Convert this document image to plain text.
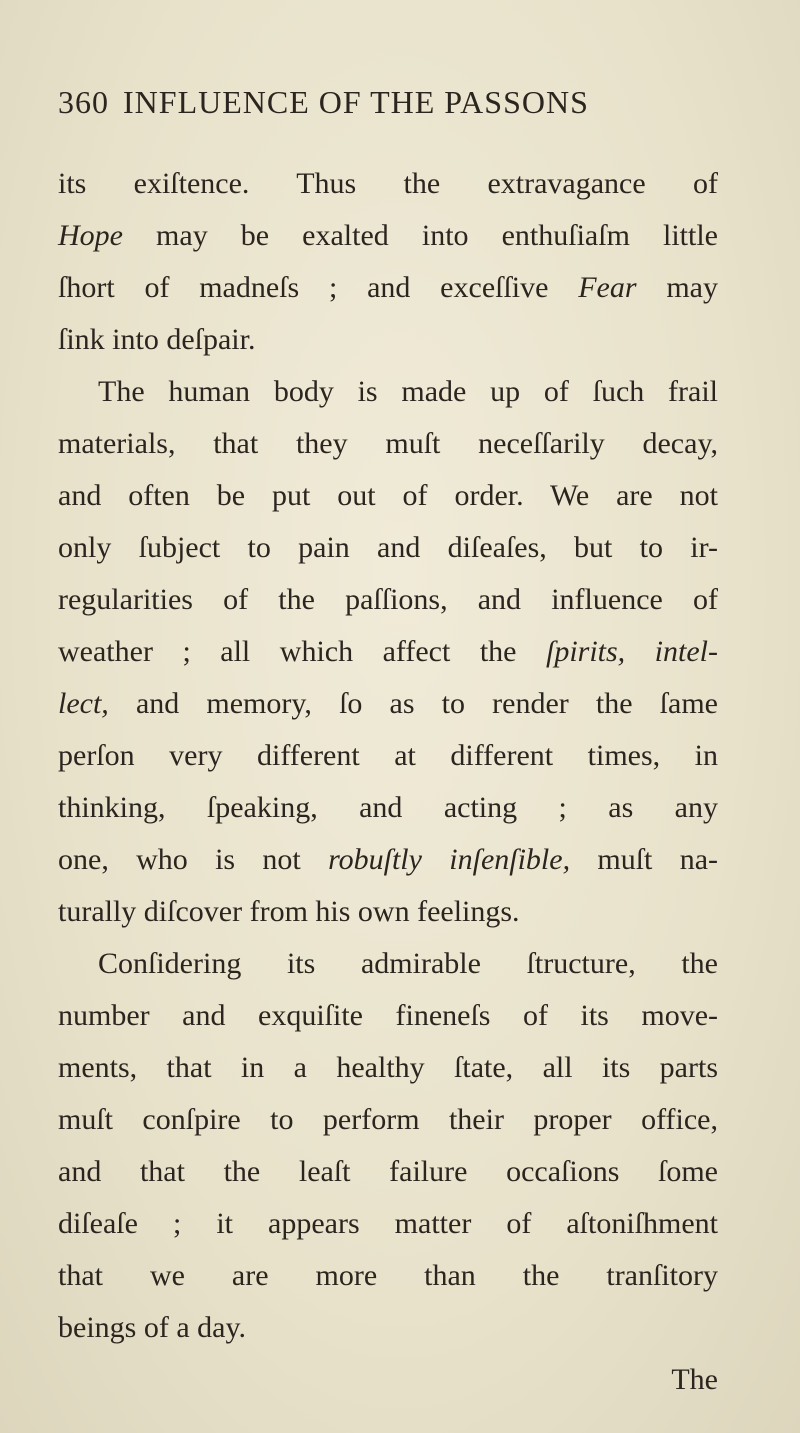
360 INFLUENCE OF THE PASSONS
its exiſtence. Thus the extravagance of
Hope may be exalted into enthuſiaſm little
ſhort of madneſs ; and exceſſive Fear may
ſink into deſpair.
The human body is made up of ſuch frail
materials, that they muſt neceſſarily decay,
and often be put out of order. We are not
only ſubject to pain and diſeaſes, but to ir-
regularities of the paſſions, and influence of
weather ; all which affect the ſpirits, intel-
lect, and memory, ſo as to render the ſame
perſon very different at different times, in
thinking, ſpeaking, and acting ; as any
one, who is not robuſtly inſenſible, muſt na-
turally diſcover from his own feelings.
Conſidering its admirable ſtructure, the
number and exquiſite fineneſs of its move-
ments, that in a healthy ſtate, all its parts
muſt conſpire to perform their proper office,
and that the leaſt failure occaſions ſome
diſeaſe ; it appears matter of aſtoniſhment
that we are more than the tranſitory
beings of a day.
The
